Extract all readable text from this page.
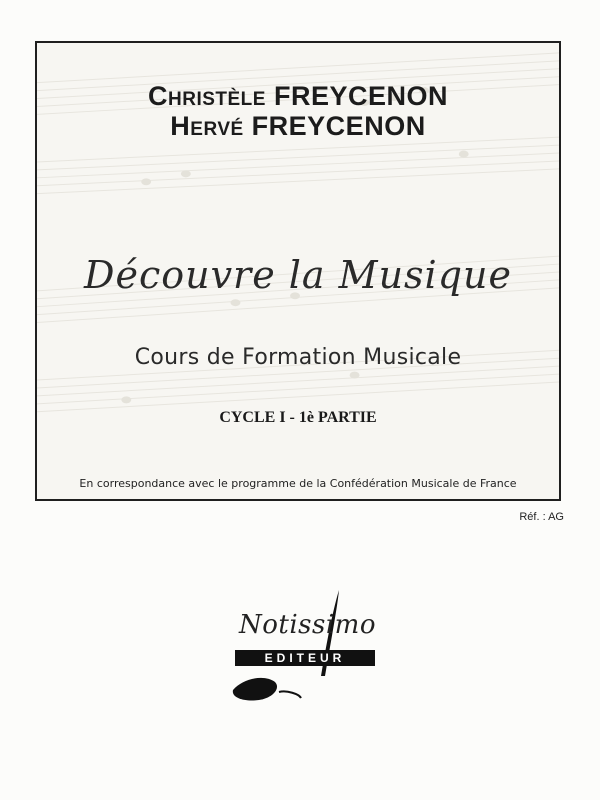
Christèle FREYCENON
Hervé FREYCENON
Découvre la Musique
Cours de Formation Musicale
CYCLE I - 1è PARTIE
En correspondance avec le programme de la Confédération Musicale de France
Réf. : AG
Notissimo
EDITEUR
